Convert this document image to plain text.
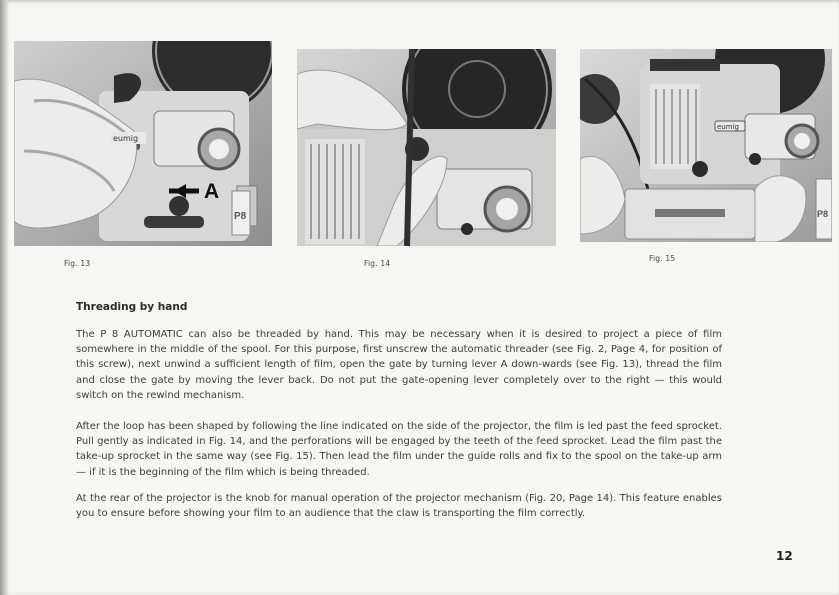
A
eumig
P8
Fig. 13	Fig. 14
eumig
P8
Fig. 15
Threading by hand

The P 8 AUTOMATIC can also be threaded by hand. This may be necessary when it is desired to project a piece of film somewhere in the middle of the spool. For this purpose, first unscrew the automatic threader (see Fig. 2, Page 4, for position of this screw), next unwind a sufficient length of film, open the gate by turning lever A down-wards (see Fig. 13), thread the film and close the gate by moving the lever back. Do not put the gate-opening lever completely over to the right — this would switch on the rewind mechanism.

After the loop has been shaped by following the line indicated on the side of the projector, the film is led past the feed sprocket. Pull gently as indicated in Fig. 14, and the perforations will be engaged by the teeth of the feed sprocket. Lead the film past the take-up sprocket in the same way (see Fig. 15). Then lead the film under the guide rolls and fix to the spool on the take-up arm — if it is the beginning of the film which is being threaded.

At the rear of the projector is the knob for manual operation of the projector mechanism (Fig. 20, Page 14). This feature enables you to ensure before showing your film to an audience that the claw is transporting the film correctly.

12
